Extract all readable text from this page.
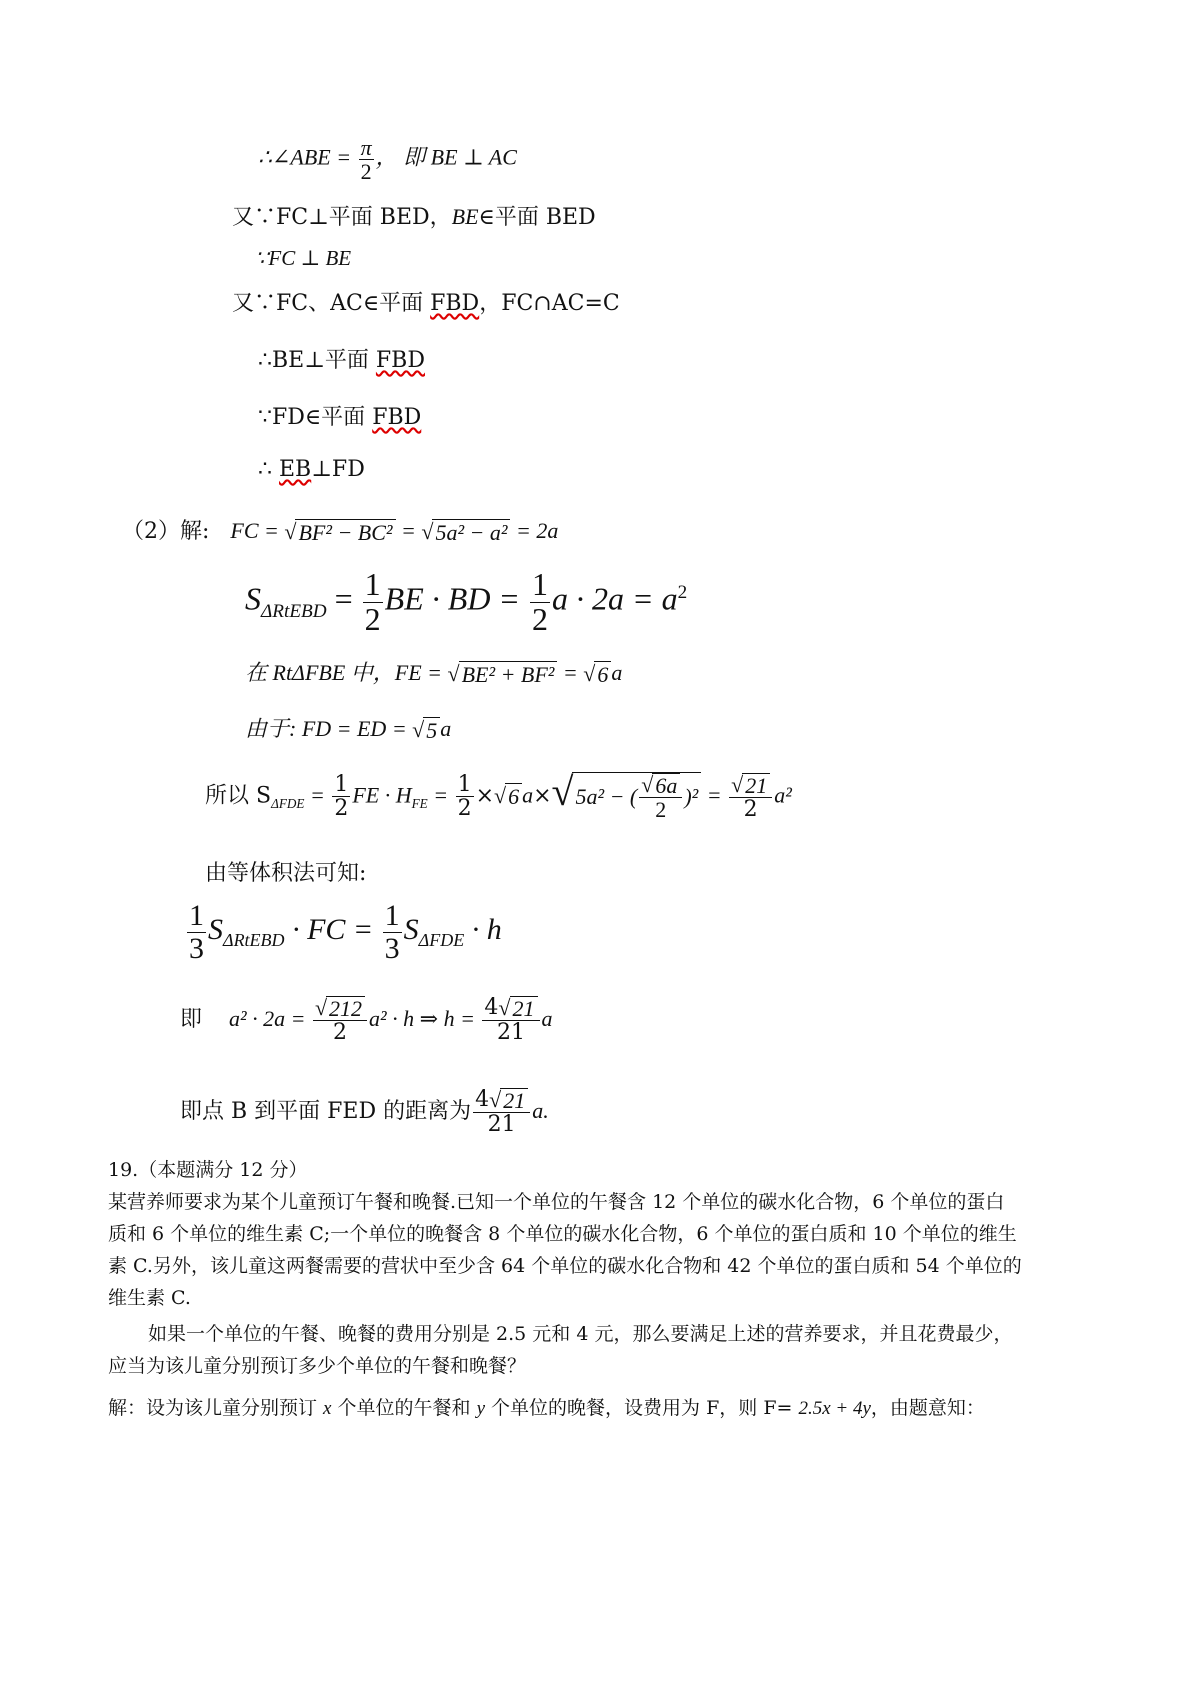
∴∠ABE = $\frac{\pi}{2}$ ， 即 BE ⊥ AC
又∵FC⊥平面 BED，BE∈平面 BED
∵FC ⊥ BE
又∵FC、AC∈平面 FBD，FC∩AC=C
∴BE⊥平面 FBD
∵FD∈平面 FBD
∴ EB⊥FD
（2）解: FC = √ BF² − BC² = √ 5a² − a² = 2a
$S_{\Delta RtEBD} = \frac{1}{2}$ BE · BD = $\frac{1}{2}$ $a \cdot 2a = a^2$
在 RtΔFBE 中，FE = √ BE² + BF² = √ 6 a
由于: FD = ED = √ 5 a
所以 $S_{\Delta FDE} = \frac{1}{2}$ FE · $H_{FE} = \frac{1}{2}$ × √ 6 a× √ 5a² − ( $\frac{√ 6a}{2} )^2 = \frac{√ 21}{2} a^2$
由等体积法可知:
$\frac{1}{3} S_{\Delta RtEBD}$ · FC = $\frac{1}{3} S_{\Delta FDE} \cdot h$
即 $a^2 \cdot 2a = \frac{√ 212}{2} a^2 \cdot h$ ⇒ $h = \frac{4 √ 21}{21}$ a
即点 B 到平面 FED 的距离为 $\frac{4 √ 21}{21} a$.
19.（本题满分 12 分）
某营养师要求为某个儿童预订午餐和晚餐.已知一个单位的午餐含 12 个单位的碳水化合物，6 个单位的蛋白
质和 6 个单位的维生素 C;一个单位的晚餐含 8 个单位的碳水化合物，6 个单位的蛋白质和 10 个单位的维生
素 C.另外，该儿童这两餐需要的营状中至少含 64 个单位的碳水化合物和 42 个单位的蛋白质和 54 个单位的
维生素 C.
如果一个单位的午餐、晚餐的费用分别是 2.5 元和 4 元，那么要满足上述的营养要求，并且花费最少，
应当为该儿童分别预订多少个单位的午餐和晚餐？
解：设为该儿童分别预订 x 个单位的午餐和 y 个单位的晚餐，设费用为 F，则 F= 2.5x + 4y，由题意知：
